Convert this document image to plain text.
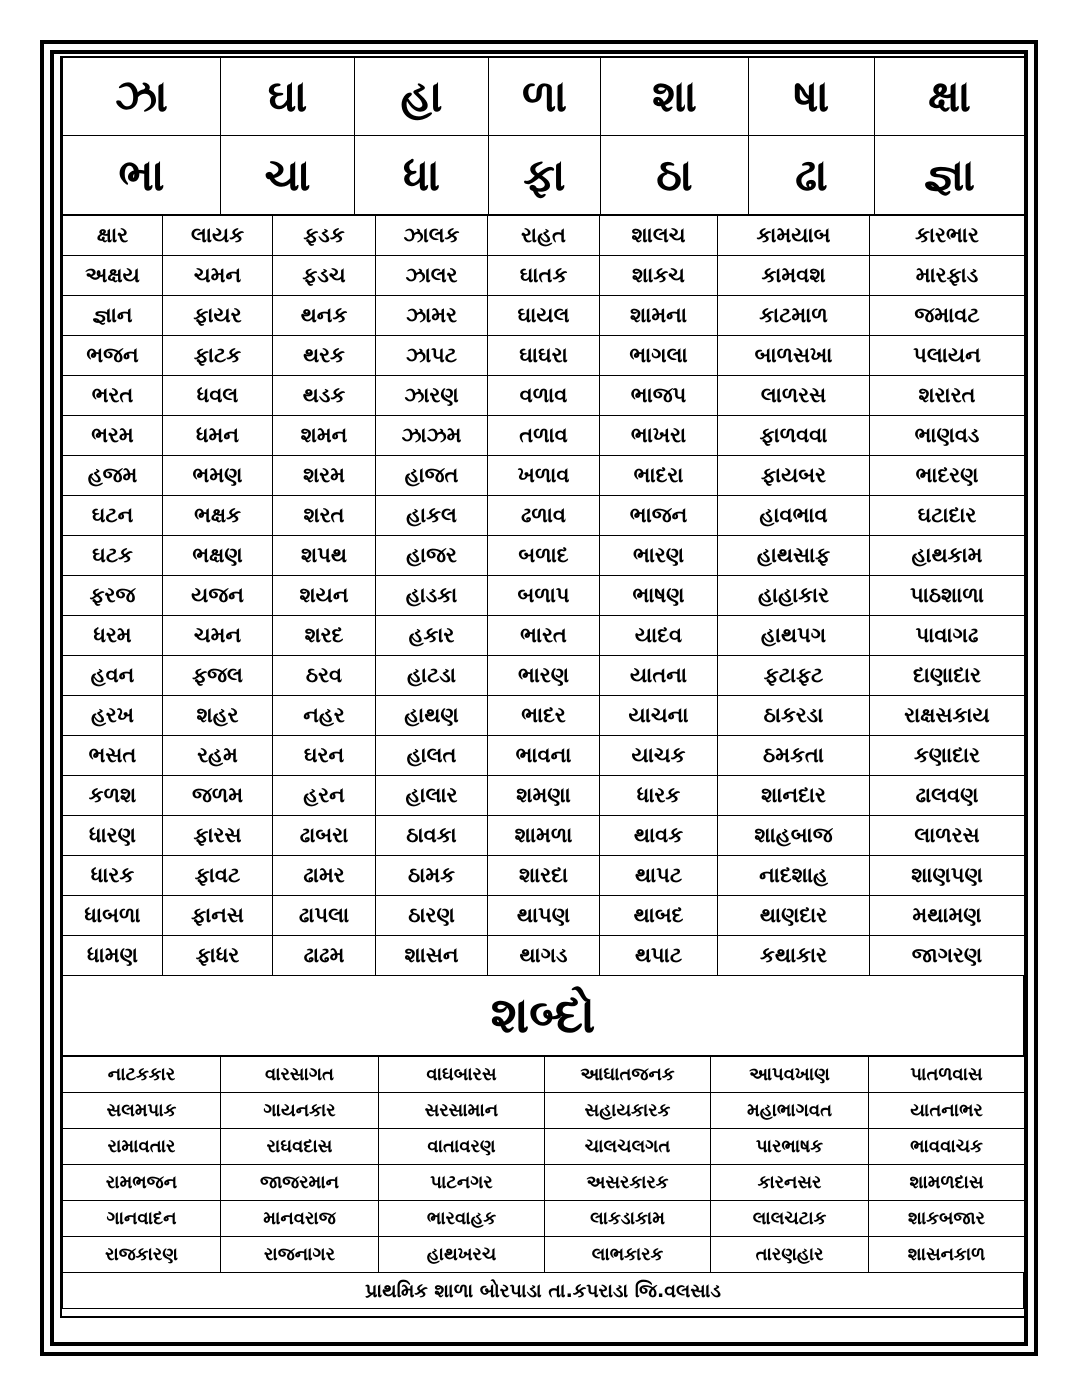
ઝા	ઘા	હા	ળા	શા	ષા	ક્ષા
ભા	ચા	ધા	ફા	ઠા	ઢા	જ્ઞા
ક્ષાર	લાયક	ફડક	ઝાલક	રાહત	શાલચ	કામયાબ	કારભાર
અક્ષય	ચમન	ફડચ	ઝાલર	ઘાતક	શાકચ	કામવશ	મારફાડ
જ્ઞાન	ફાયર	થનક	ઝામર	ઘાયલ	શામના	કાટમાળ	જમાવટ
ભજન	ફાટક	થરક	ઝાપટ	ઘાઘરા	ભાગલા	બાળસખા	પલાયન
ભરત	ધવલ	થડક	ઝારણ	વળાવ	ભાજપ	લાળરસ	શરારત
ભરમ	ધમન	શમન	ઝાઝમ	તળાવ	ભાખરા	ફાળવવા	ભાણવડ
હજમ	ભમણ	શરમ	હાજત	ખળાવ	ભાદરા	ફાયબર	ભાદરણ
ઘટન	ભક્ષક	શરત	હાકલ	ઢળાવ	ભાજન	હાવભાવ	ઘટાદાર
ઘટક	ભક્ષણ	શપથ	હાજર	બળાદ	ભારણ	હાથસાફ	હાથકામ
ફરજ	યજન	શયન	હાડકા	બળાપ	ભાષણ	હાહાકાર	પાઠશાળા
ધરમ	ચમન	શરદ	હકાર	ભારત	યાદવ	હાથપગ	પાવાગઢ
હવન	ફજલ	ઠરવ	હાટડા	ભારણ	યાતના	ફટાફટ	દાણાદાર
હરખ	શહર	નહર	હાથણ	ભાદર	યાચના	ઠાકરડા	રાક્ષસકાય
ભસત	રહમ	ઘરન	હાલત	ભાવના	યાચક	ઠમકતા	કણાદાર
કળશ	જળમ	હરન	હાલાર	શમણા	ધારક	શાનદાર	ઢાલવણ
ધારણ	ફારસ	ઢાબરા	ઠાવકા	શામળા	થાવક	શાહબાજ	લાળરસ
ધારક	ફાવટ	ઢામર	ઠામક	શારદા	થાપટ	નાદશાહ	શાણપણ
ધાબળા	ફાનસ	ઢાપલા	ઠારણ	થાપણ	થાબદ	થાણદાર	મથામણ
ધામણ	ફાધર	ઢાઢમ	શાસન	થાગડ	થપાટ	કથાકાર	જાગરણ
શબ્દો
નાટકકાર	વારસાગત	વાઘબારસ	આઘાતજનક	આપવખાણ	પાતળવાસ
સલમપાક	ગાયનકાર	સરસામાન	સહાયકારક	મહાભાગવત	યાતનાભર
રામાવતાર	રાઘવદાસ	વાતાવરણ	ચાલચલગત	પારભાષક	ભાવવાચક
રામભજન	જાજરમાન	પાટનગર	અસરકારક	કારનસર	શામળદાસ
ગાનવાદન	માનવરાજ	ભારવાહક	લાકડાકામ	લાલચટાક	શાકબજાર
રાજકારણ	રાજનાગર	હાથખરચ	લાભકારક	તારણહાર	શાસનકાળ
પ્રાથમિક શાળા બોરપાડા તા.કપરાડા જિ.વલસાડ
